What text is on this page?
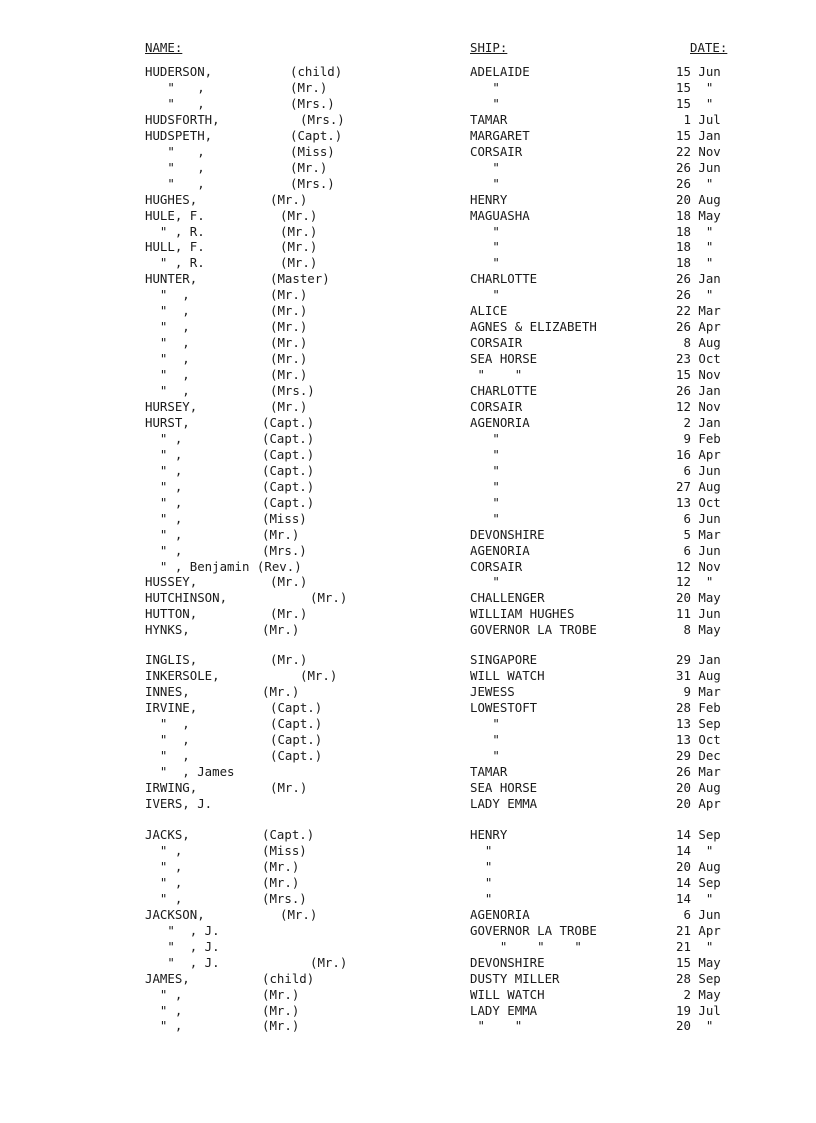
NAME:	SHIP:	DATE:
HUDERSON,	(child)	ADELAIDE	15 Jun
"   ,	(Mr.)	"	15  "
"   ,	(Mrs.)	"	15  "
HUDSFORTH,	(Mrs.)	TAMAR	1 Jul
HUDSPETH,	(Capt.)	MARGARET	15 Jan
"   ,	(Miss)	CORSAIR	22 Nov
"   ,	(Mr.)	"	26 Jun
"   ,	(Mrs.)	"	26  "
HUGHES,	(Mr.)	HENRY	20 Aug
HULE, F.	(Mr.)	MAGUASHA	18 May
" , R.	(Mr.)	"	18  "
HULL, F.	(Mr.)	"	18  "
" , R.	(Mr.)	"	18  "
HUNTER,	(Master)	CHARLOTTE	26 Jan
"  ,	(Mr.)	"	26  "
"  ,	(Mr.)	ALICE	22 Mar
"  ,	(Mr.)	AGNES & ELIZABETH	26 Apr
"  ,	(Mr.)	CORSAIR	8 Aug
"  ,	(Mr.)	SEA HORSE	23 Oct
"  ,	(Mr.)	"    "	15 Nov
"  ,	(Mrs.)	CHARLOTTE	26 Jan
HURSEY,	(Mr.)	CORSAIR	12 Nov
HURST,	(Capt.)	AGENORIA	2 Jan
" ,	(Capt.)	"	9 Feb
" ,	(Capt.)	"	16 Apr
" ,	(Capt.)	"	6 Jun
" ,	(Capt.)	"	27 Aug
" ,	(Capt.)	"	13 Oct
" ,	(Miss)	"	6 Jun
" ,	(Mr.)	DEVONSHIRE	5 Mar
" ,	(Mrs.)	AGENORIA	6 Jun
" , Benjamin (Rev.)	CORSAIR	12 Nov
HUSSEY,	(Mr.)	"	12  "
HUTCHINSON,	(Mr.)	CHALLENGER	20 May
HUTTON,	(Mr.)	WILLIAM HUGHES	11 Jun
HYNKS,	(Mr.)	GOVERNOR LA TROBE	8 May
INGLIS,	(Mr.)	SINGAPORE	29 Jan
INKERSOLE,	(Mr.)	WILL WATCH	31 Aug
INNES,	(Mr.)	JEWESS	9 Mar
IRVINE,	(Capt.)	LOWESTOFT	28 Feb
"  ,	(Capt.)	"	13 Sep
"  ,	(Capt.)	"	13 Oct
"  ,	(Capt.)	"	29 Dec
"  , James	TAMAR	26 Mar
IRWING,	(Mr.)	SEA HORSE	20 Aug
IVERS, J.	LADY EMMA	20 Apr
JACKS,	(Capt.)	HENRY	14 Sep
" ,	(Miss)	"	14  "
" ,	(Mr.)	"	20 Aug
" ,	(Mr.)	"	14 Sep
" ,	(Mrs.)	"	14  "
JACKSON,	(Mr.)	AGENORIA	6 Jun
"  , J.	GOVERNOR LA TROBE	21 Apr
"  , J.	"    "    "	21  "
"  , J.	(Mr.)	DEVONSHIRE	15 May
JAMES,	(child)	DUSTY MILLER	28 Sep
" ,	(Mr.)	WILL WATCH	2 May
" ,	(Mr.)	LADY EMMA	19 Jul
" ,	(Mr.)	"    "	20  "
